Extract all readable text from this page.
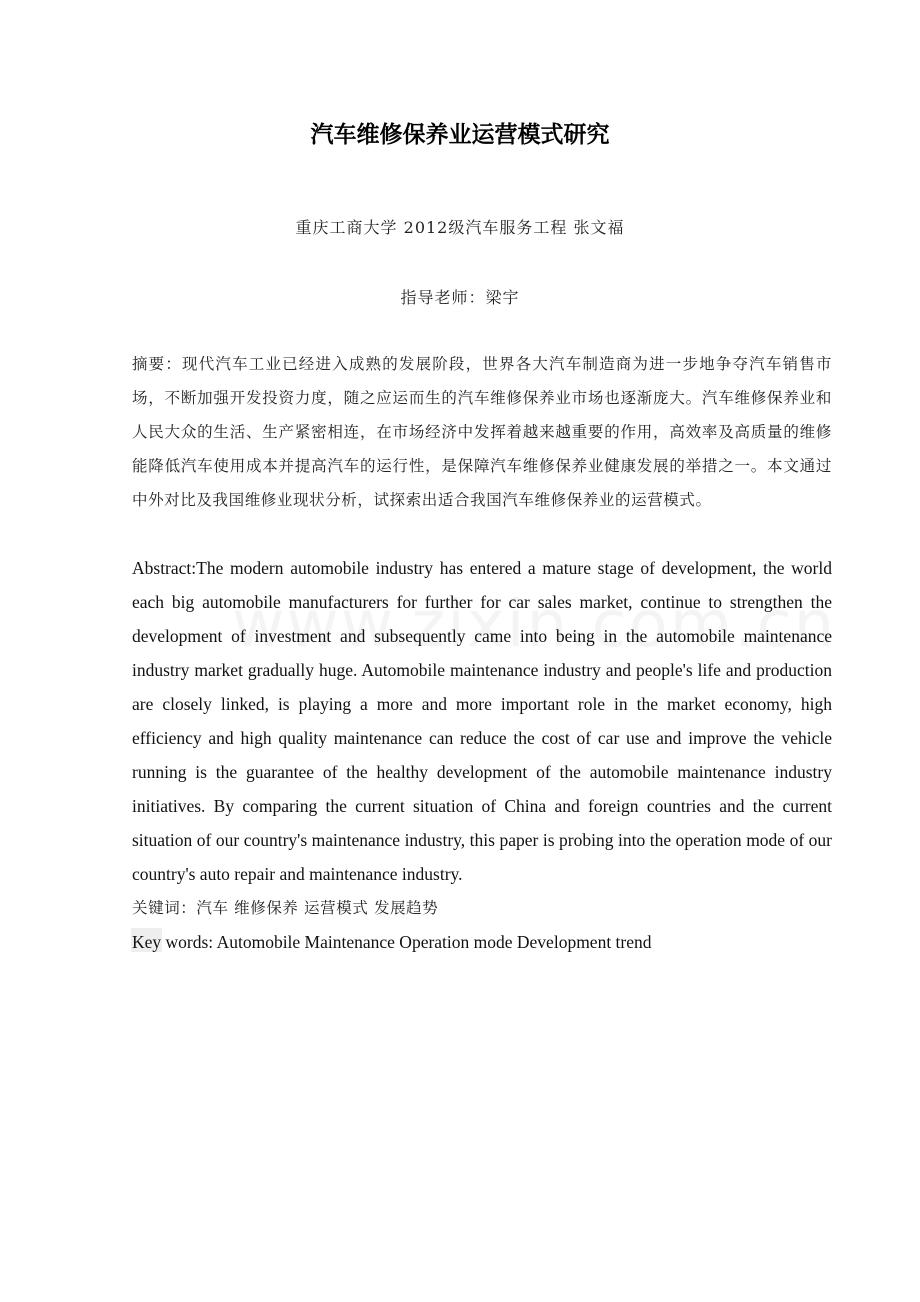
汽车维修保养业运营模式研究
重庆工商大学 2012级汽车服务工程 张文福
指导老师：梁宇
摘要：现代汽车工业已经进入成熟的发展阶段，世界各大汽车制造商为进一步地争夺汽车销售市场，不断加强开发投资力度，随之应运而生的汽车维修保养业市场也逐渐庞大。汽车维修保养业和人民大众的生活、生产紧密相连，在市场经济中发挥着越来越重要的作用，高效率及高质量的维修能降低汽车使用成本并提高汽车的运行性，是保障汽车维修保养业健康发展的举措之一。本文通过中外对比及我国维修业现状分析，试探索出适合我国汽车维修保养业的运营模式。
Abstract:The modern automobile industry has entered a mature stage of development, the world each big automobile manufacturers for further for car sales market, continue to strengthen the development of investment and subsequently came into being in the automobile maintenance industry market gradually huge. Automobile maintenance industry and people's life and production are closely linked, is playing a more and more important role in the market economy, high efficiency and high quality maintenance can reduce the cost of car use and improve the vehicle running is the guarantee of the healthy development of the automobile maintenance industry initiatives. By comparing the current situation of China and foreign countries and the current situation of our country's maintenance industry, this paper is probing into the operation mode of our country's auto repair and maintenance industry.
关键词：汽车 维修保养 运营模式 发展趋势
Key words: Automobile Maintenance Operation mode Development trend
